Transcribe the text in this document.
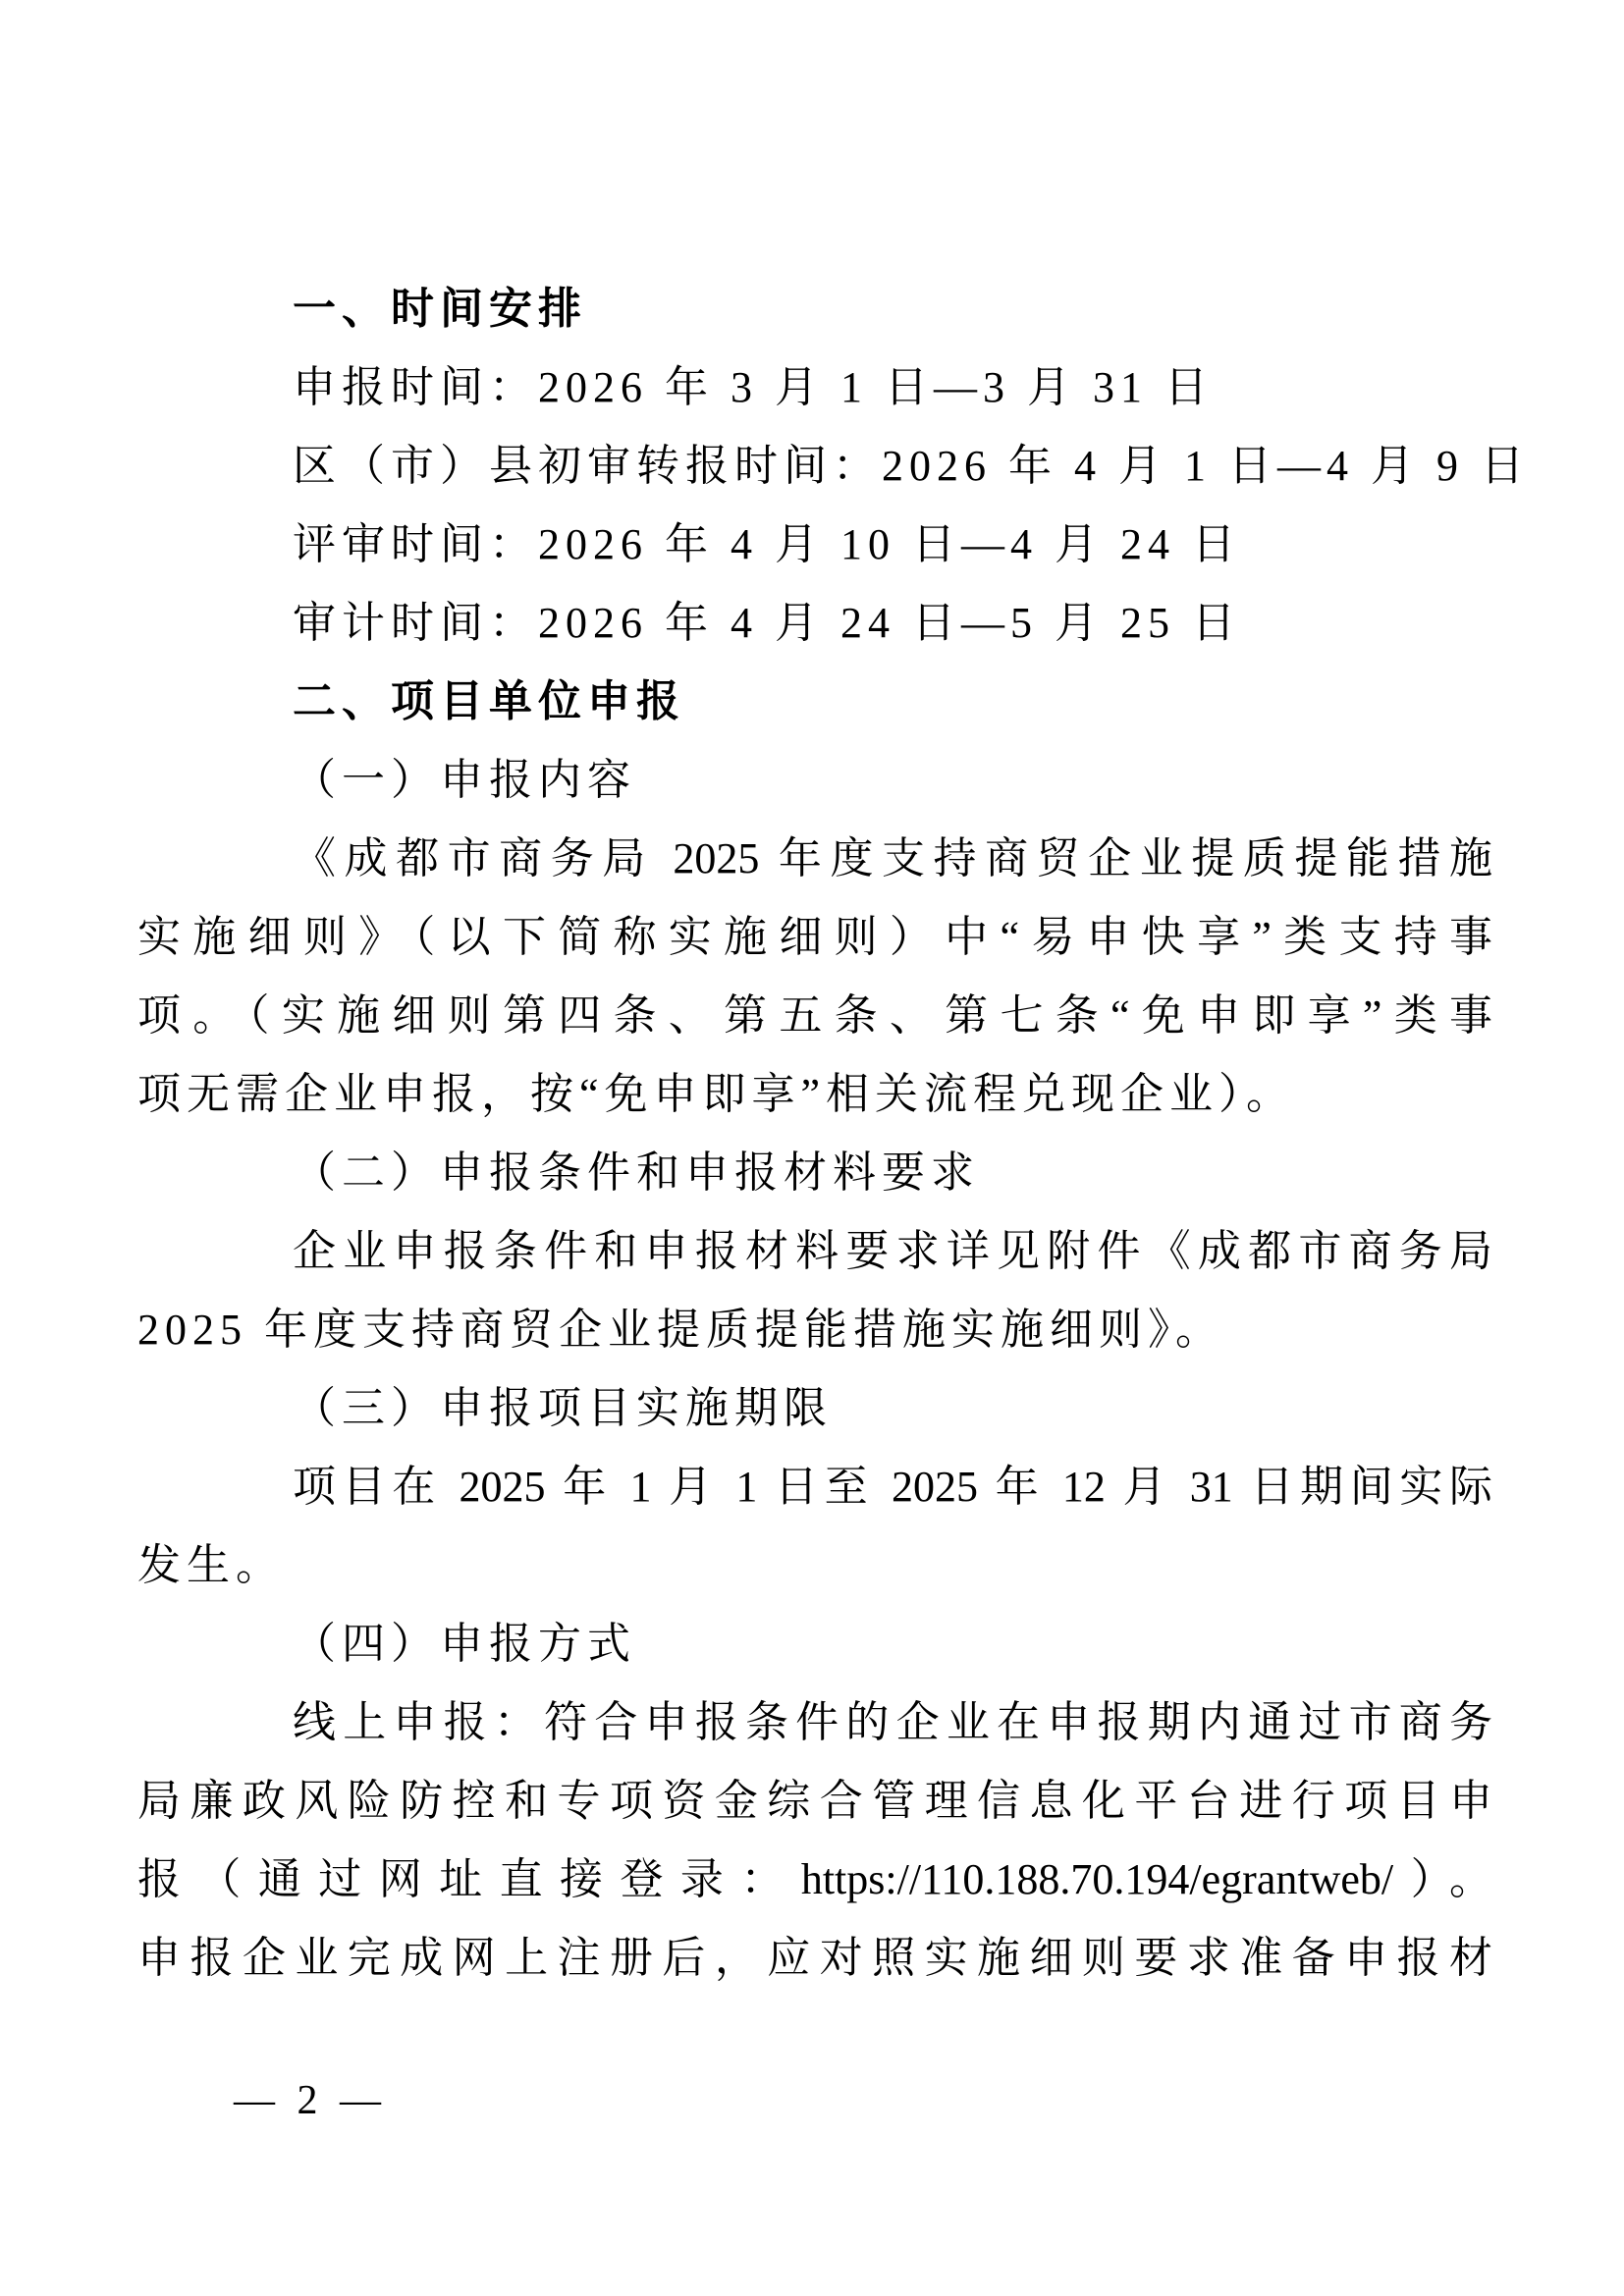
一、时间安排
申报时间：2026 年 3 月 1 日—3 月 31 日
区（市）县初审转报时间：2026 年 4 月 1 日—4 月 9 日
评审时间：2026 年 4 月 10 日—4 月 24 日
审计时间：2026 年 4 月 24 日—5 月 25 日
二、项目单位申报
（一）申报内容
《成都市商务局 2025 年度支持商贸企业提质提能措施
实施细则》（以下简称实施细则）中“易申快享”类支持事
项。（实施细则第四条、第五条、第七条“免申即享”类事
项无需企业申报，按“免申即享”相关流程兑现企业）。
（二）申报条件和申报材料要求
企业申报条件和申报材料要求详见附件《成都市商务局
2025 年度支持商贸企业提质提能措施实施细则》。
（三）申报项目实施期限
项目在 2025 年 1 月 1 日至 2025 年 12 月 31 日期间实际
发生。
（四）申报方式
线上申报：符合申报条件的企业在申报期内通过市商务
局廉政风险防控和专项资金综合管理信息化平台进行项目申
报（通过网址直接登录：https://110.188.70.194/egrantweb/）。
申报企业完成网上注册后，应对照实施细则要求准备申报材
— 2 —
